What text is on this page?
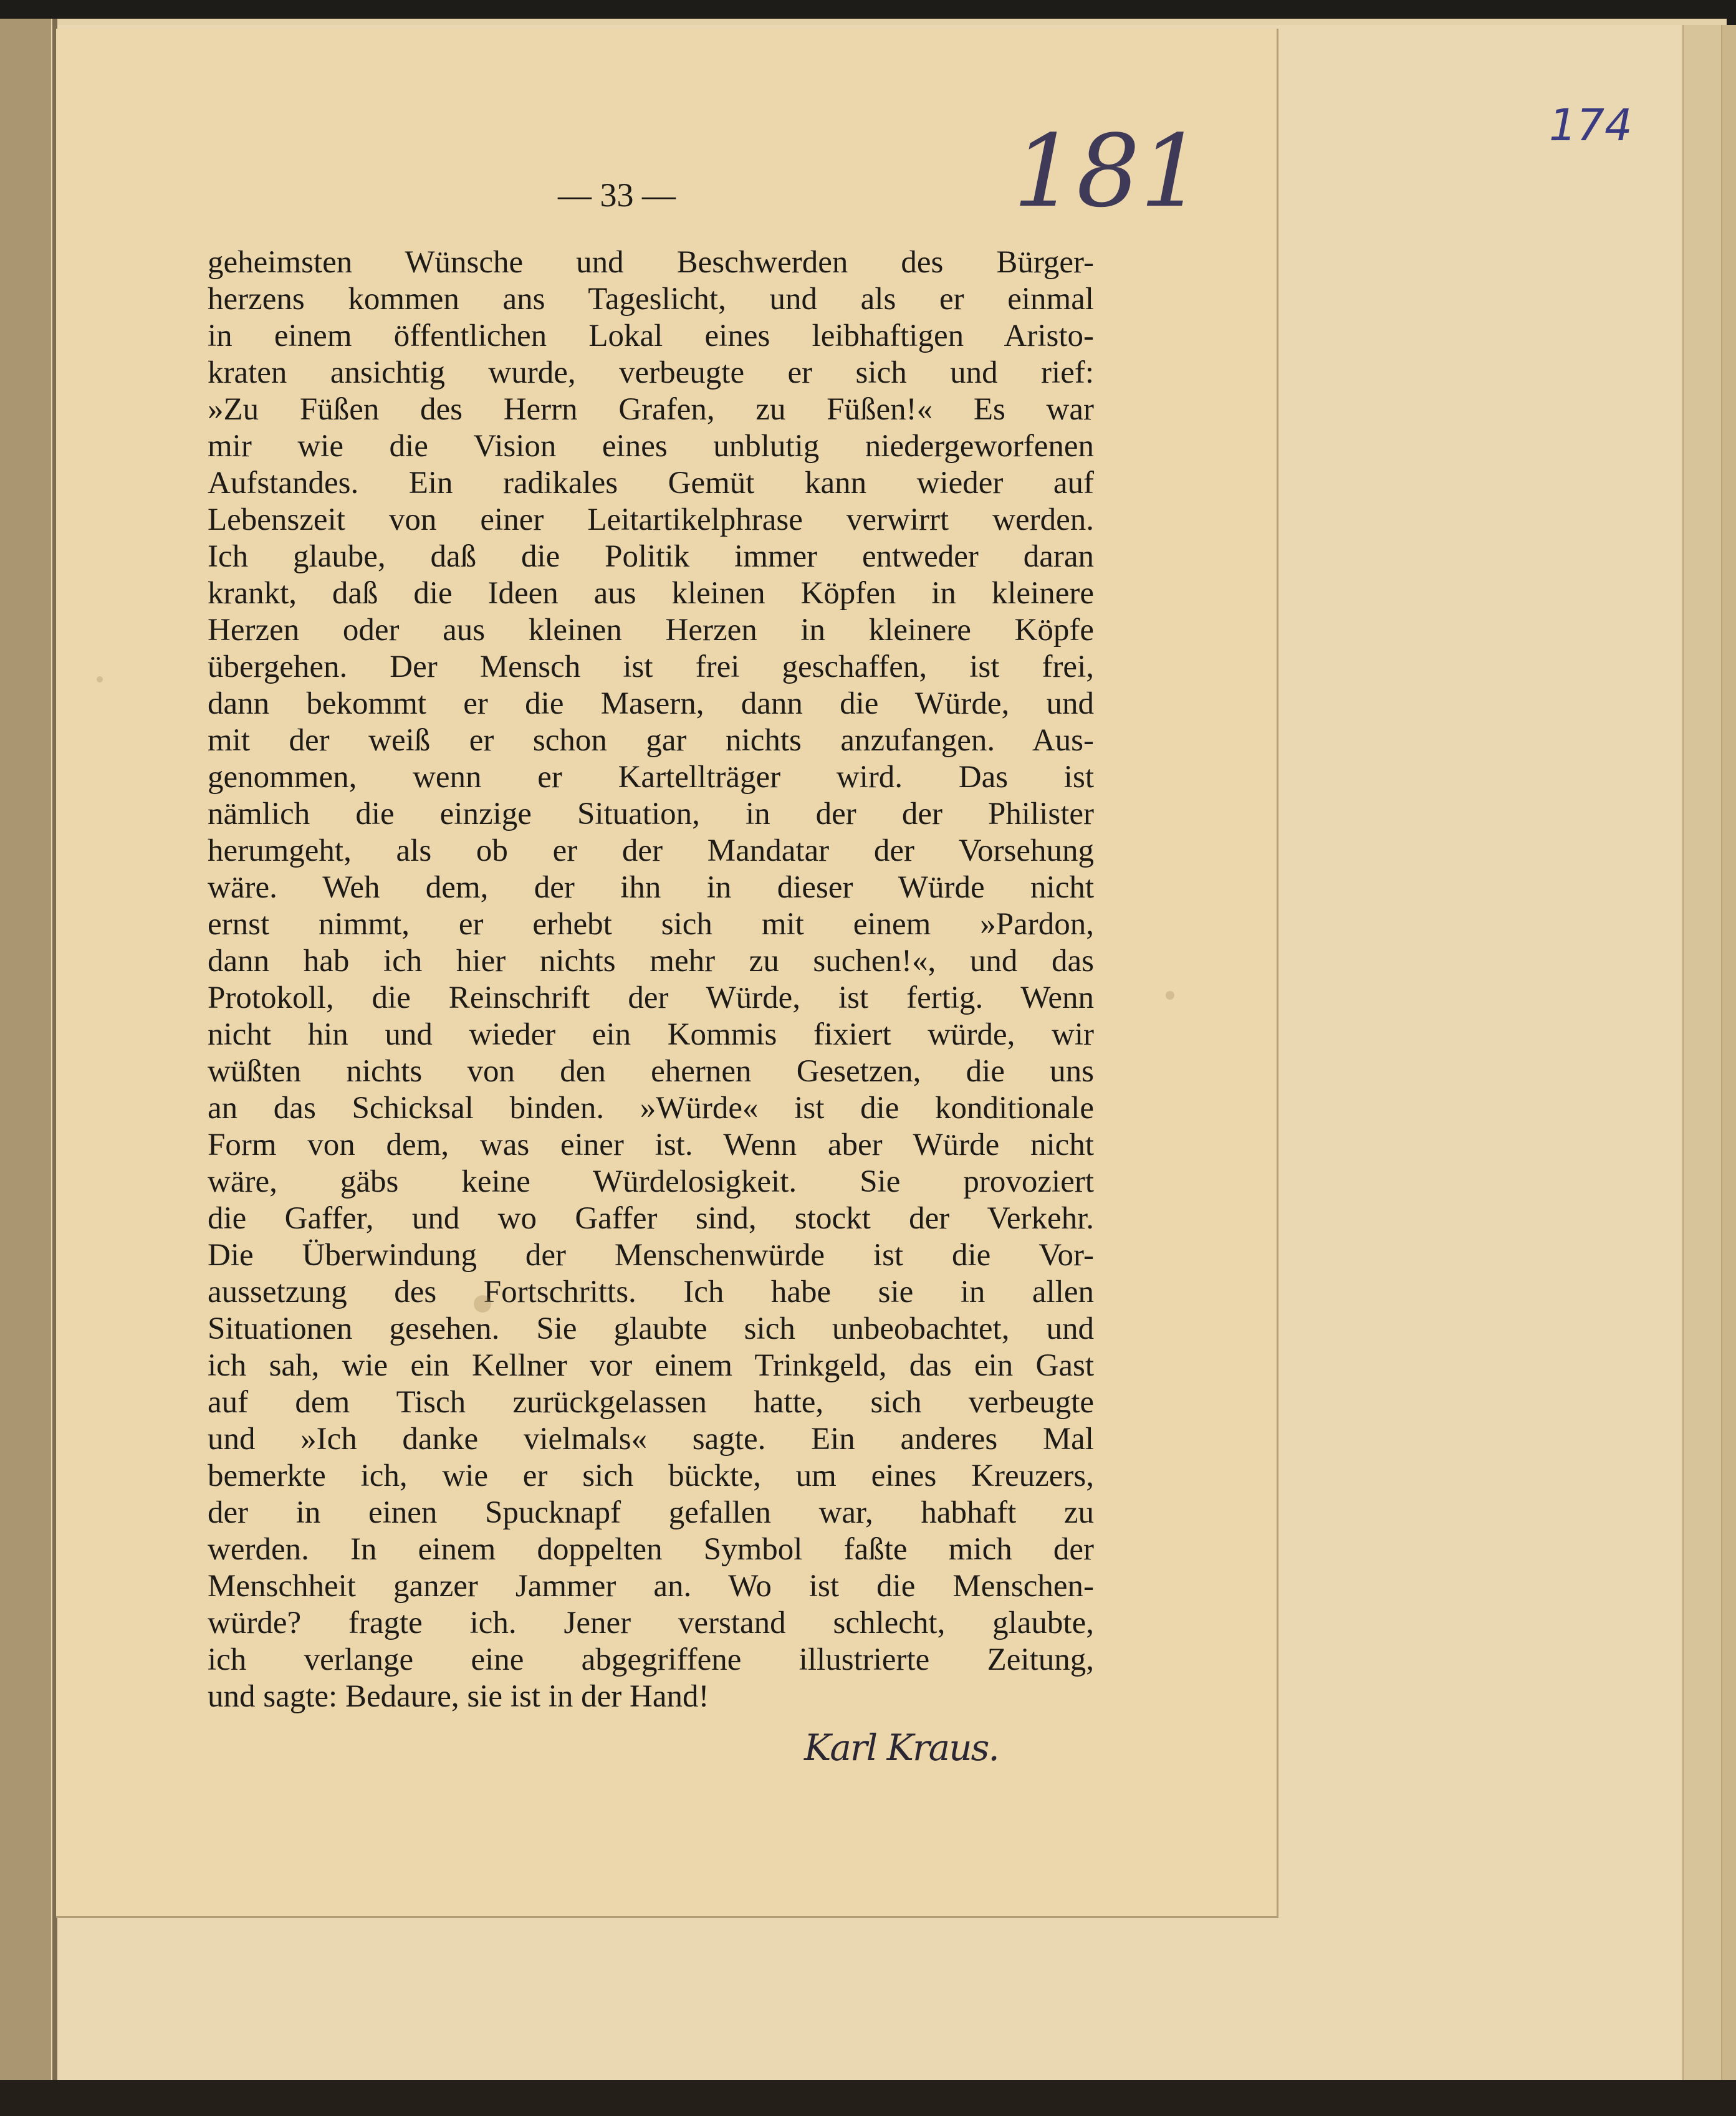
174

181

— 33 —

geheimsten Wünsche und Beschwerden des Bürger-
herzens kommen ans Tageslicht, und als er einmal
in einem öffentlichen Lokal eines leibhaftigen Aristo-
kraten ansichtig wurde, verbeugte er sich und rief:
»Zu Füßen des Herrn Grafen, zu Füßen!« Es war
mir wie die Vision eines unblutig niedergeworfenen
Aufstandes. Ein radikales Gemüt kann wieder auf
Lebenszeit von einer Leitartikelphrase verwirrt werden.
Ich glaube, daß die Politik immer entweder daran
krankt, daß die Ideen aus kleinen Köpfen in kleinere
Herzen oder aus kleinen Herzen in kleinere Köpfe
übergehen. Der Mensch ist frei geschaffen, ist frei,
dann bekommt er die Masern, dann die Würde, und
mit der weiß er schon gar nichts anzufangen. Aus-
genommen, wenn er Kartellträger wird. Das ist
nämlich die einzige Situation, in der der Philister
herumgeht, als ob er der Mandatar der Vorsehung
wäre. Weh dem, der ihn in dieser Würde nicht
ernst nimmt, er erhebt sich mit einem »Pardon,
dann hab ich hier nichts mehr zu suchen!«, und das
Protokoll, die Reinschrift der Würde, ist fertig. Wenn
nicht hin und wieder ein Kommis fixiert würde, wir
wüßten nichts von den ehernen Gesetzen, die uns
an das Schicksal binden. »Würde« ist die konditionale
Form von dem, was einer ist. Wenn aber Würde nicht
wäre, gäbs keine Würdelosigkeit. Sie provoziert
die Gaffer, und wo Gaffer sind, stockt der Verkehr.
Die Überwindung der Menschenwürde ist die Vor-
aussetzung des Fortschritts. Ich habe sie in allen
Situationen gesehen. Sie glaubte sich unbeobachtet, und
ich sah, wie ein Kellner vor einem Trinkgeld, das ein Gast
auf dem Tisch zurückgelassen hatte, sich verbeugte
und »Ich danke vielmals« sagte. Ein anderes Mal
bemerkte ich, wie er sich bückte, um eines Kreuzers,
der in einen Spucknapf gefallen war, habhaft zu
werden. In einem doppelten Symbol faßte mich der
Menschheit ganzer Jammer an. Wo ist die Menschen-
würde? fragte ich. Jener verstand schlecht, glaubte,
ich verlange eine abgegriffene illustrierte Zeitung,
und sagte: Bedaure, sie ist in der Hand!

Karl Kraus.
